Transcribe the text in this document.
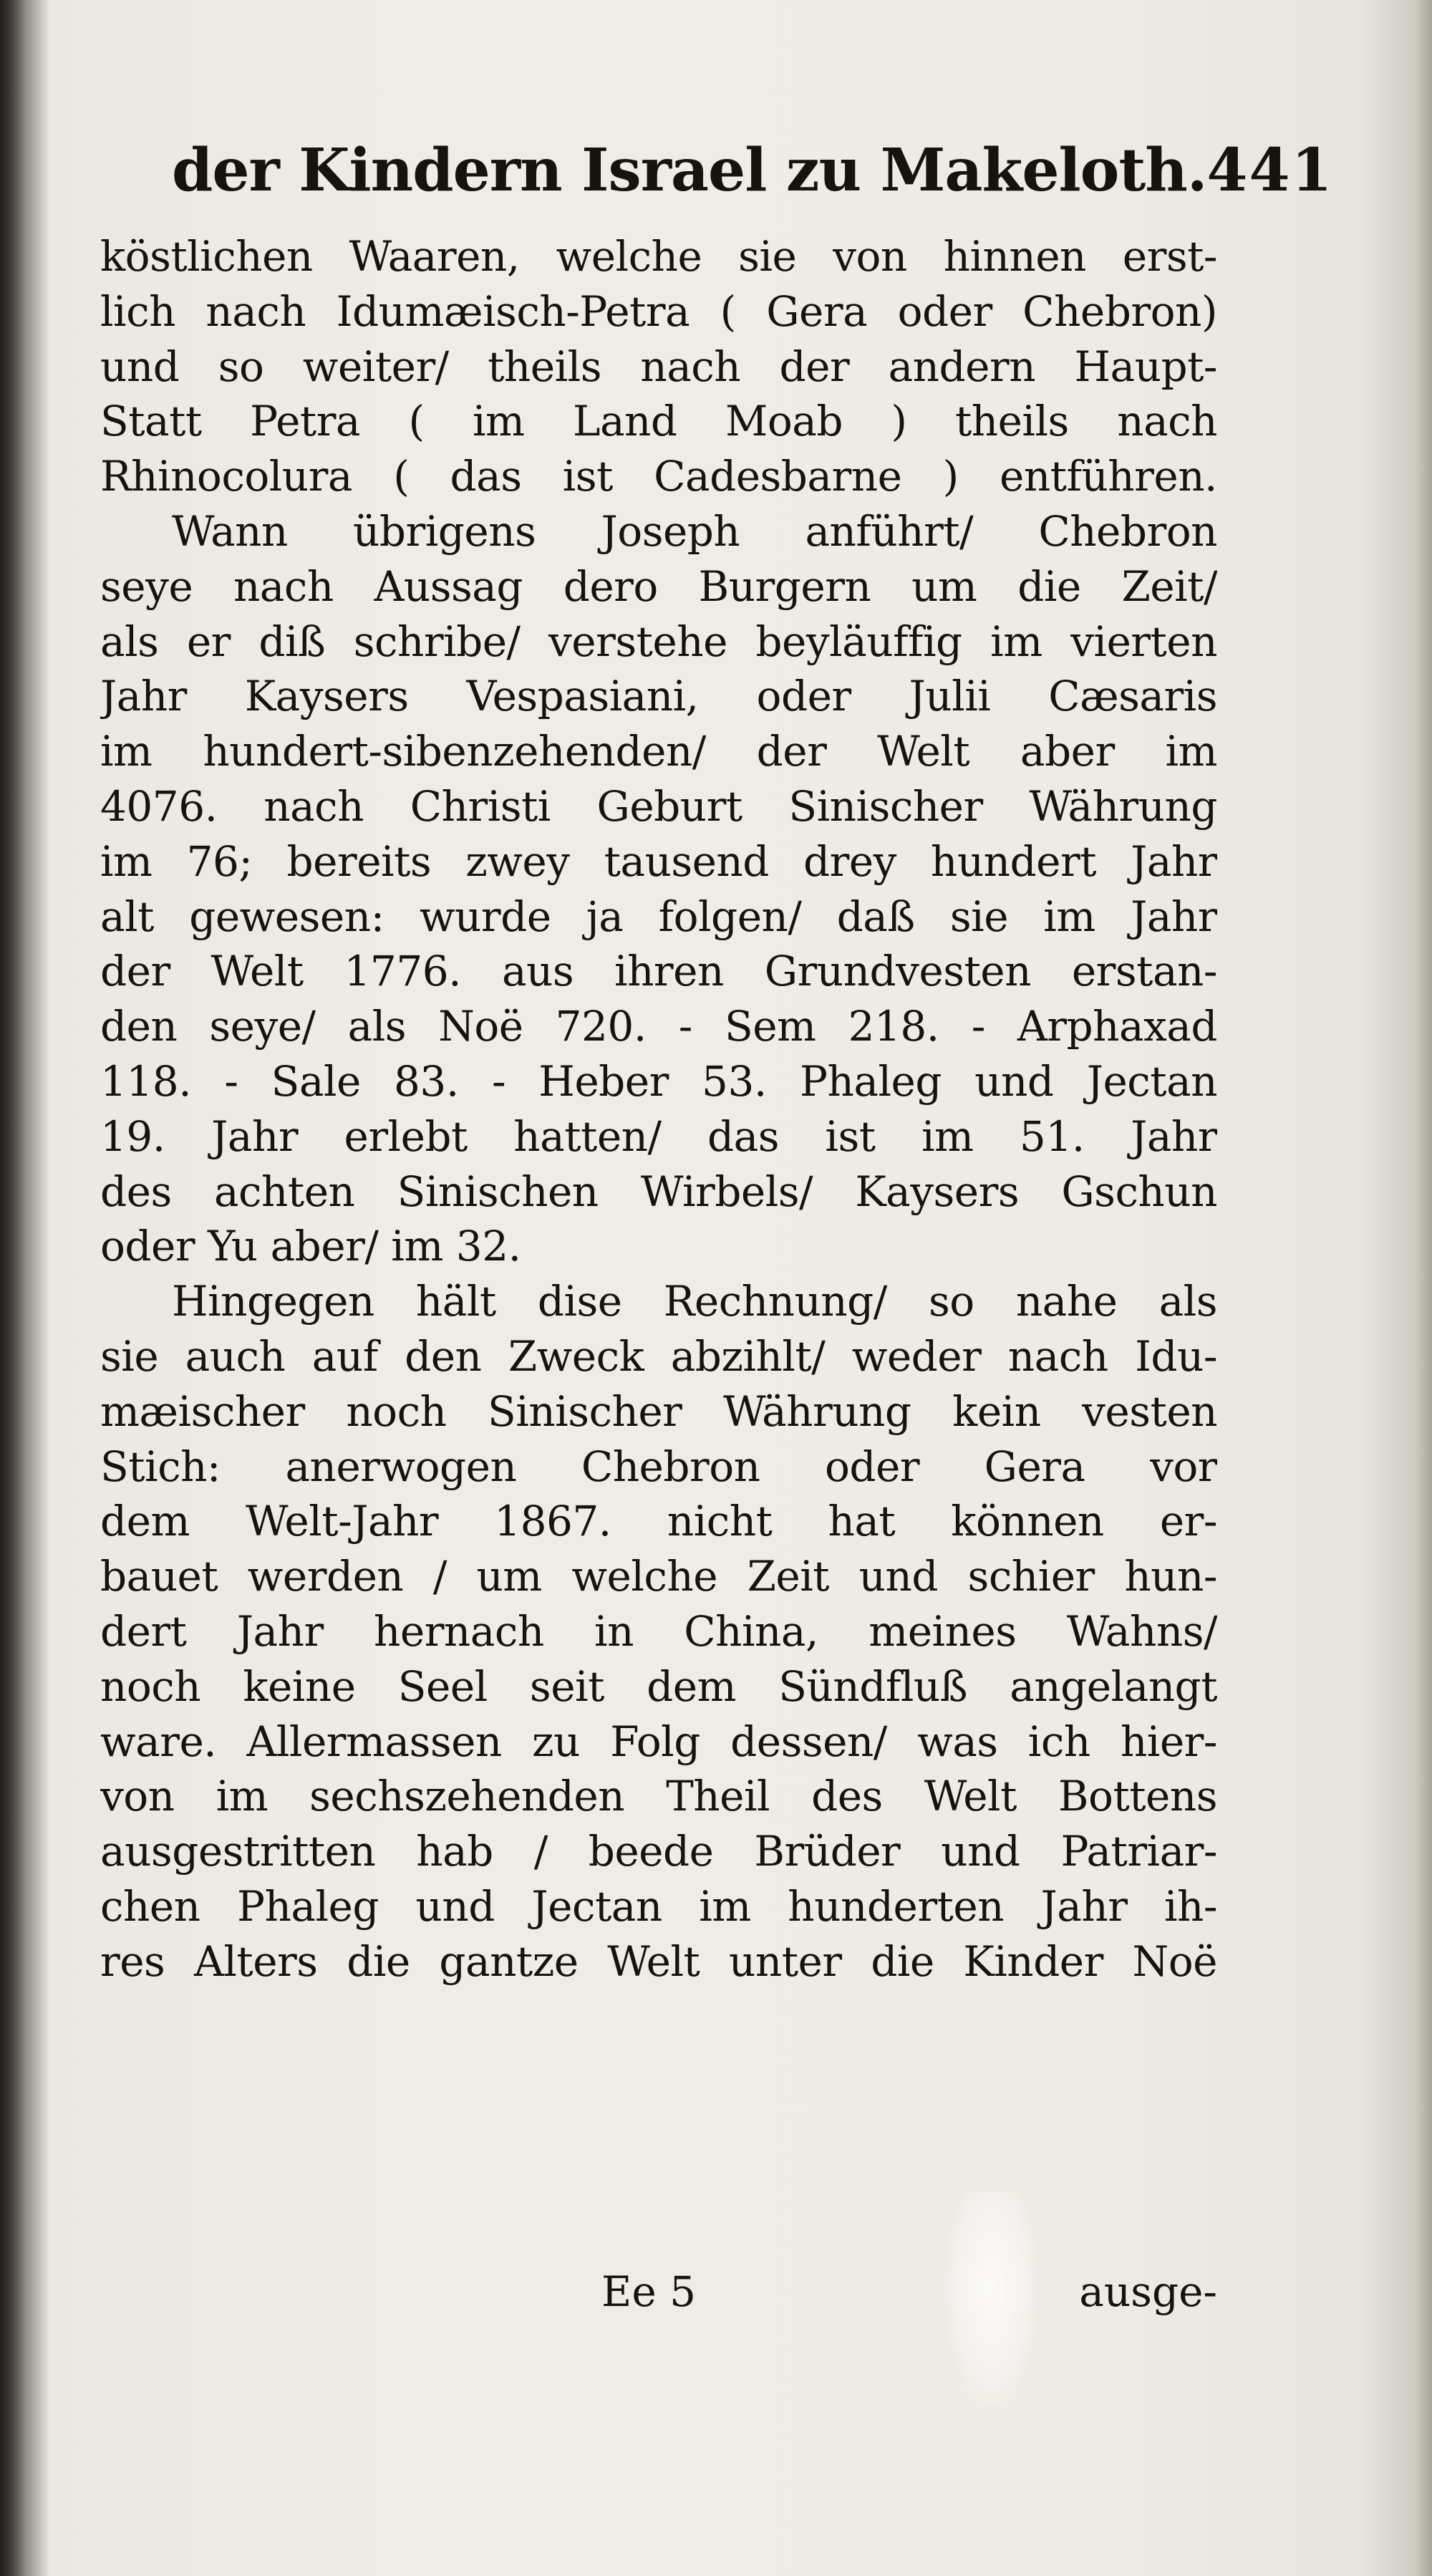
der Kindern Israel zu Makeloth. 441
köstlichen Waaren, welche sie von hinnen erst-
lich nach Idumæisch-Petra ( Gera oder Chebron)
und so weiter/ theils nach der andern Haupt-
Statt Petra ( im Land Moab ) theils nach
Rhinocolura ( das ist Cadesbarne ) entführen.
Wann übrigens Joseph anführt/ Chebron
seye nach Aussag dero Burgern um die Zeit/
als er diß schribe/ verstehe beyläuffig im vierten
Jahr Kaysers Vespasiani, oder Julii Cæsaris
im hundert-sibenzehenden/ der Welt aber im
4076. nach Christi Geburt Sinischer Währung
im 76; bereits zwey tausend drey hundert Jahr
alt gewesen: wurde ja folgen/ daß sie im Jahr
der Welt 1776. aus ihren Grundvesten erstan-
den seye/ als Noë 720. - Sem 218. - Arphaxad
118. - Sale 83. - Heber 53. Phaleg und Jectan
19. Jahr erlebt hatten/ das ist im 51. Jahr
des achten Sinischen Wirbels/ Kaysers Gschun
oder Yu aber/ im 32.
Hingegen hält dise Rechnung/ so nahe als
sie auch auf den Zweck abzihlt/ weder nach Idu-
mæischer noch Sinischer Währung kein vesten
Stich: anerwogen Chebron oder Gera vor
dem Welt-Jahr 1867. nicht hat können er-
bauet werden / um welche Zeit und schier hun-
dert Jahr hernach in China, meines Wahns/
noch keine Seel seit dem Sündfluß angelangt
ware. Allermassen zu Folg dessen/ was ich hier-
von im sechszehenden Theil des Welt Bottens
ausgestritten hab / beede Brüder und Patriar-
chen Phaleg und Jectan im hunderten Jahr ih-
res Alters die gantze Welt unter die Kinder Noë
Ee 5	ausge-
